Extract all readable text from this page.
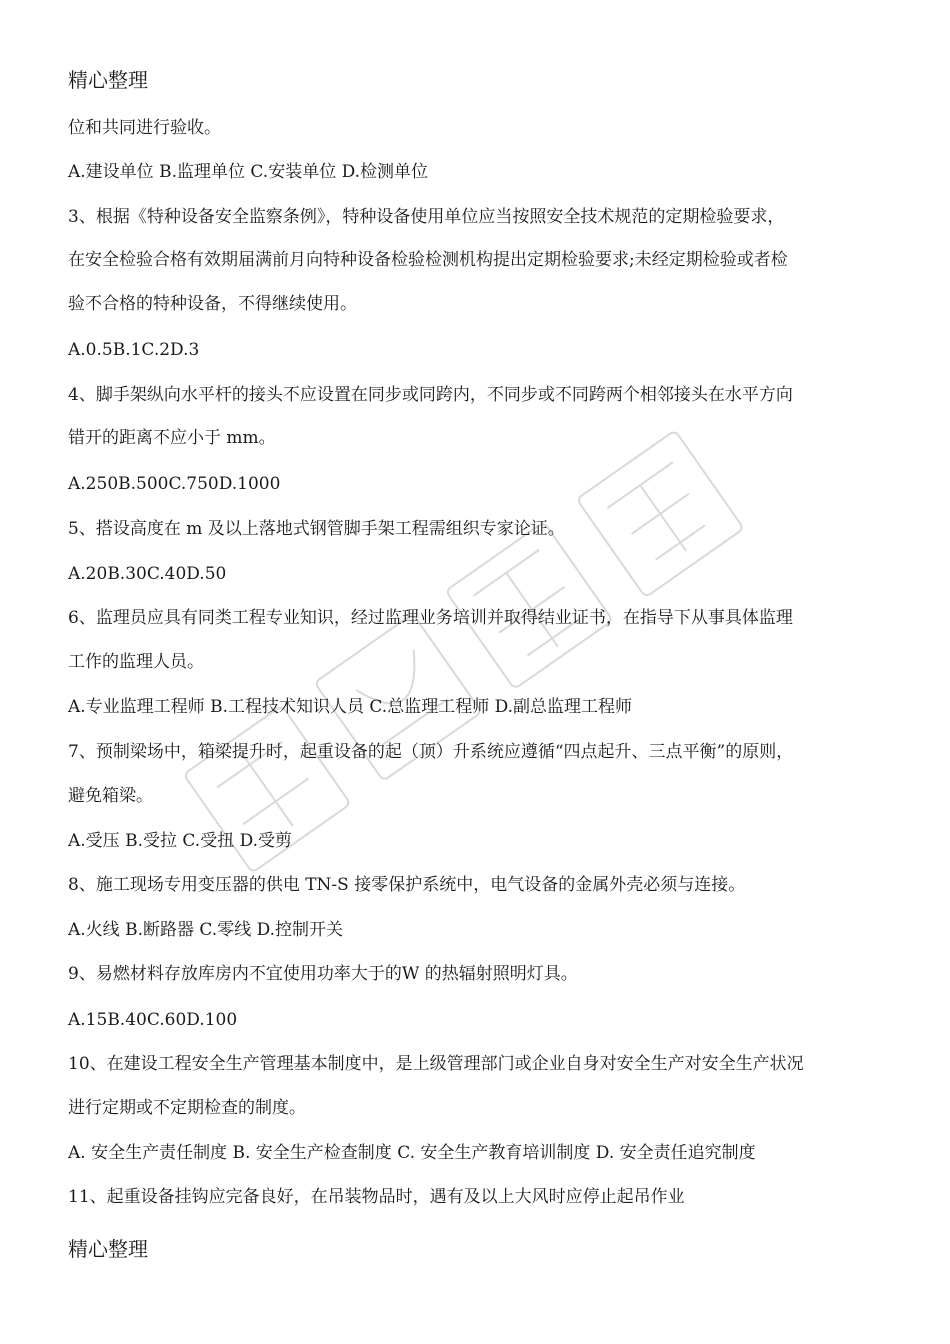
精心整理
位和共同进行验收。
A.建设单位 B.监理单位 C.安装单位 D.检测单位
3、根据《特种设备安全监察条例》，特种设备使用单位应当按照安全技术规范的定期检验要求，
在安全检验合格有效期届满前月向特种设备检验检测机构提出定期检验要求;未经定期检验或者检
验不合格的特种设备，不得继续使用。
A.0.5B.1C.2D.3
4、脚手架纵向水平杆的接头不应设置在同步或同跨内，不同步或不同跨两个相邻接头在水平方向
错开的距离不应小于 mm。
A.250B.500C.750D.1000
5、搭设高度在 m 及以上落地式钢管脚手架工程需组织专家论证。
A.20B.30C.40D.50
6、监理员应具有同类工程专业知识，经过监理业务培训并取得结业证书，在指导下从事具体监理
工作的监理人员。
A.专业监理工程师 B.工程技术知识人员 C.总监理工程师 D.副总监理工程师
7、预制梁场中，箱梁提升时，起重设备的起（顶）升系统应遵循“四点起升、三点平衡”的原则，
避免箱梁。
A.受压 B.受拉 C.受扭 D.受剪
8、施工现场专用变压器的供电 TN-S 接零保护系统中，电气设备的金属外壳必须与连接。
A.火线 B.断路器 C.零线 D.控制开关
9、易燃材料存放库房内不宜使用功率大于的W 的热辐射照明灯具。
A.15B.40C.60D.100
10、在建设工程安全生产管理基本制度中，是上级管理部门或企业自身对安全生产对安全生产状况
进行定期或不定期检查的制度。
A. 安全生产责任制度 B. 安全生产检查制度 C. 安全生产教育培训制度 D. 安全责任追究制度
11、起重设备挂钩应完备良好，在吊装物品时，遇有及以上大风时应停止起吊作业
精心整理
